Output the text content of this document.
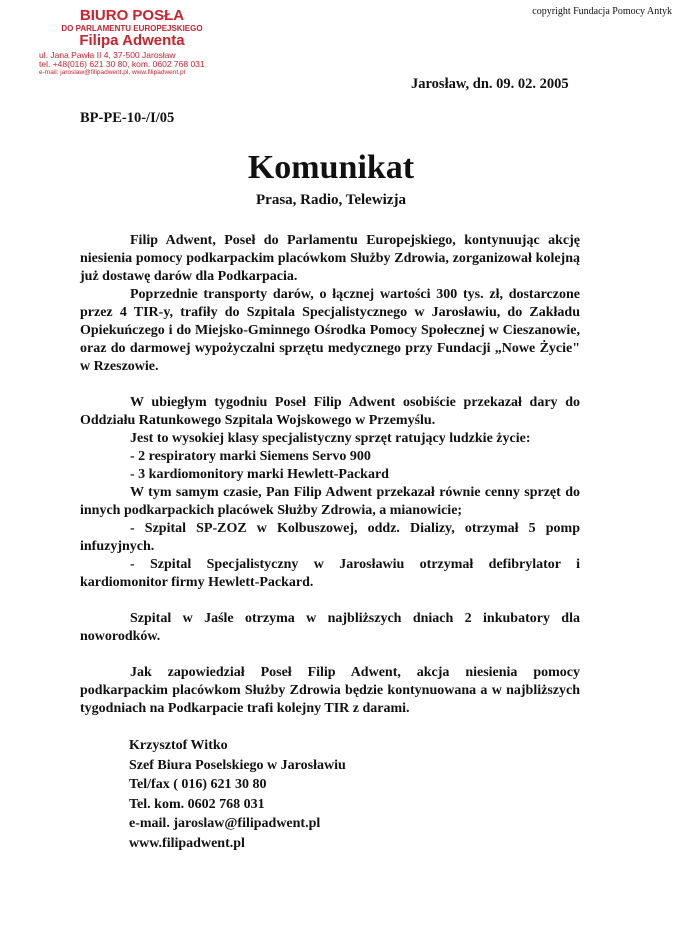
copyright Fundacja Pomocy Antyk
BIURO POSŁA
DO PARLAMENTU EUROPEJSKIEGO
Filipa Adwenta
ul. Jana Pawła II 4, 37-500 Jarosław
tel. +48(016) 621 30 80, kom. 0602 768 031
e-mail: jaroslaw@filipadwent.pl, www.filipadwent.pl
Jarosław, dn. 09. 02. 2005
BP-PE-10-/I/05
Komunikat
Prasa, Radio, Telewizja

Filip Adwent, Poseł do Parlamentu Europejskiego, kontynuując akcję niesienia pomocy podkarpackim placówkom Służby Zdrowia, zorganizował kolejną już dostawę darów dla Podkarpacia.

Poprzednie transporty darów, o łącznej wartości 300 tys. zł, dostarczone przez 4 TIR-y, trafiły do Szpitala Specjalistycznego w Jarosławiu, do Zakładu Opiekuńczego i do Miejsko-Gminnego Ośrodka Pomocy Społecznej w Cieszanowie, oraz do darmowej wypożyczalni sprzętu medycznego przy Fundacji „Nowe Życie" w Rzeszowie.

W ubiegłym tygodniu Poseł Filip Adwent osobiście przekazał dary do Oddziału Ratunkowego Szpitala Wojskowego w Przemyślu.

Jest to wysokiej klasy specjalistyczny sprzęt ratujący ludzkie życie:

- 2 respiratory marki Siemens Servo 900

- 3 kardiomonitory marki Hewlett-Packard

W tym samym czasie, Pan Filip Adwent przekazał równie cenny sprzęt do innych podkarpackich placówek Służby Zdrowia, a mianowicie;

- Szpital SP-ZOZ w Kolbuszowej, oddz. Dializy, otrzymał 5 pomp infuzyjnych.

- Szpital Specjalistyczny w Jarosławiu otrzymał defibrylator i kardiomonitor firmy Hewlett-Packard.

Szpital w Jaśle otrzyma w najbliższych dniach 2 inkubatory dla noworodków.

Jak zapowiedział Poseł Filip Adwent, akcja niesienia pomocy podkarpackim placówkom Służby Zdrowia będzie kontynuowana a w najbliższych tygodniach na Podkarpacie trafi kolejny TIR z darami.

Krzysztof Witko
Szef Biura Poselskiego w Jarosławiu
Tel/fax ( 016) 621 30 80
Tel. kom. 0602 768 031
e-mail. jaroslaw@filipadwent.pl
www.filipadwent.pl
